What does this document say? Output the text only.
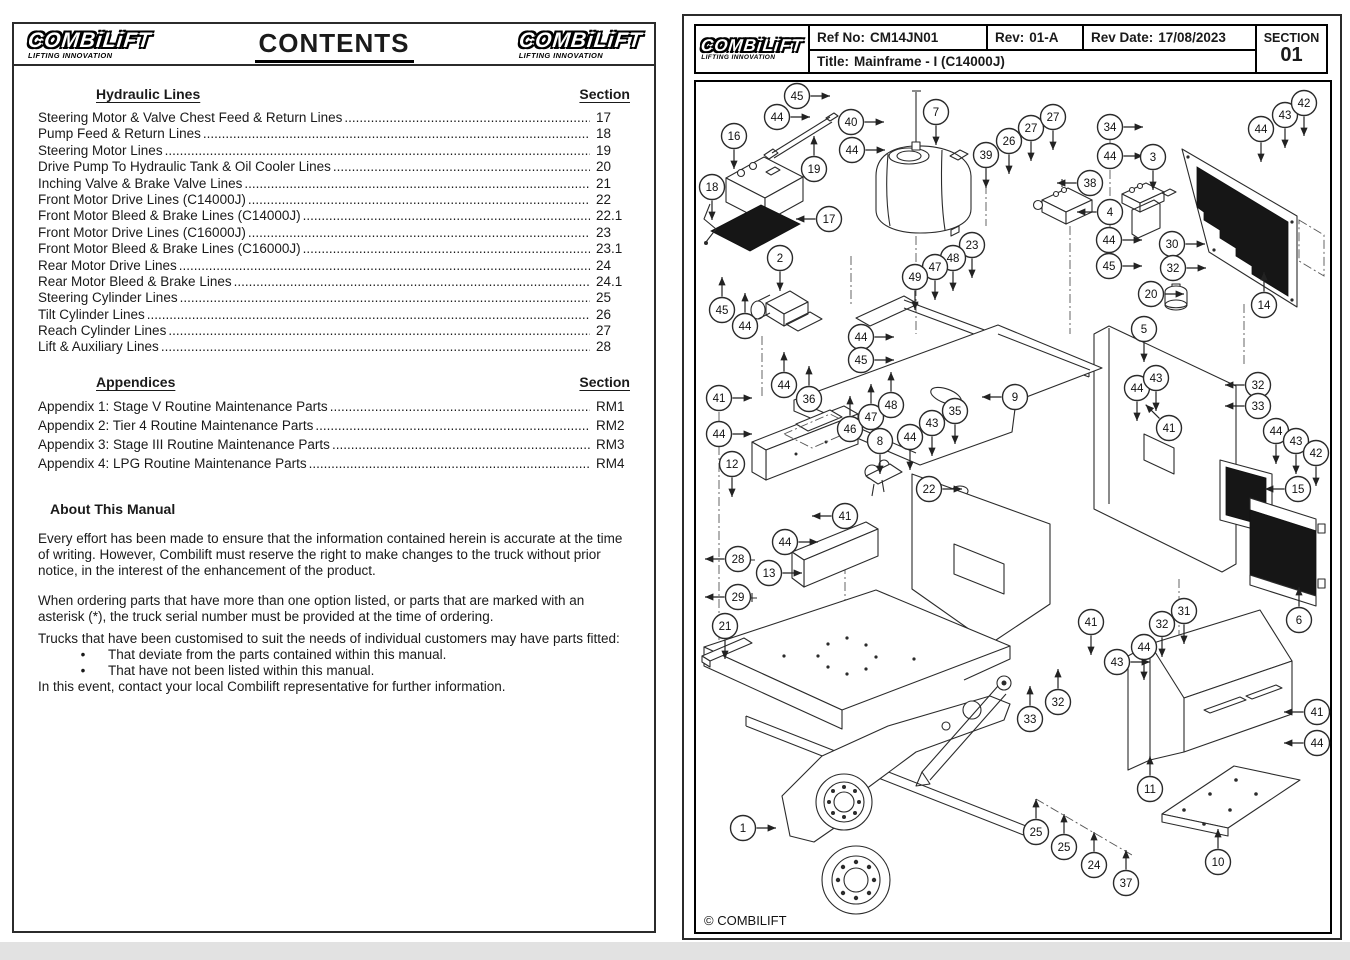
COMBiLiFT
LIFTING INNOVATION	CONTENTS	COMBiLiFT
LIFTING INNOVATION
Hydraulic Lines	Section
Steering Motor & Valve Chest Feed & Return Lines .....	17
Pump Feed & Return Lines .....	18
Steering Motor Lines .....	19
Drive Pump To Hydraulic Tank & Oil Cooler Lines .....	20
Inching Valve & Brake Valve Lines .....	21
Front Motor Drive Lines (C14000J) .....	22
Front Motor Bleed & Brake Lines (C14000J) .....	22.1
Front Motor Drive Lines (C16000J) .....	23
Front Motor Bleed & Brake Lines (C16000J) .....	23.1
Rear Motor Drive Lines .....	24
Rear Motor Bleed & Brake Lines .....	24.1
Steering Cylinder Lines .....	25
Tilt Cylinder Lines .....	26
Reach Cylinder Lines .....	27
Lift & Auxiliary Lines .....	28
Appendices	Section
Appendix 1: Stage V Routine Maintenance Parts .....	RM1
Appendix 2: Tier 4 Routine Maintenance Parts .....	RM2
Appendix 3: Stage III Routine Maintenance Parts .....	RM3
Appendix 4: LPG Routine Maintenance Parts .....	RM4
About This Manual

Every effort has been made to ensure that the information contained herein is accurate at the time of writing. However, Combilift must reserve the right to make changes to the truck without prior notice, in the interest of the enhancement of the product.

When ordering parts that have more than one option listed, or parts that are marked with an asterisk (*), the truck serial number must be provided at the time of ordering.

Trucks that have been customised to suit the needs of individual customers may have parts fitted:

•	That deviate from the parts contained within this manual.
•	That have not been listed within this manual.

In this event, contact your local Combilift representative for further information.

COMBiLiFT
LIFTING INNOVATION
Ref No: CM14JN01	Rev: 01-A Rev Date: 17/08/2023	SECTION
01
Title: Mainframe - I (C14000J)
45
44
16
40
44
7
19
18
17
2
45
44
39
26
27
27
34
44	3
38
4
44
45
30
32
20
44
43
42
14
23
48
47
49
5
44
45
44
36
41
44
12
46
47
48
8 44
43
35
9
22
41
44
28
13
29
21
44
43
41
32
33
44
43
42
15
41	32
31
44
43
32
33
6
41
44
11
25
25
24
37
10
1
© COMBILIFT
